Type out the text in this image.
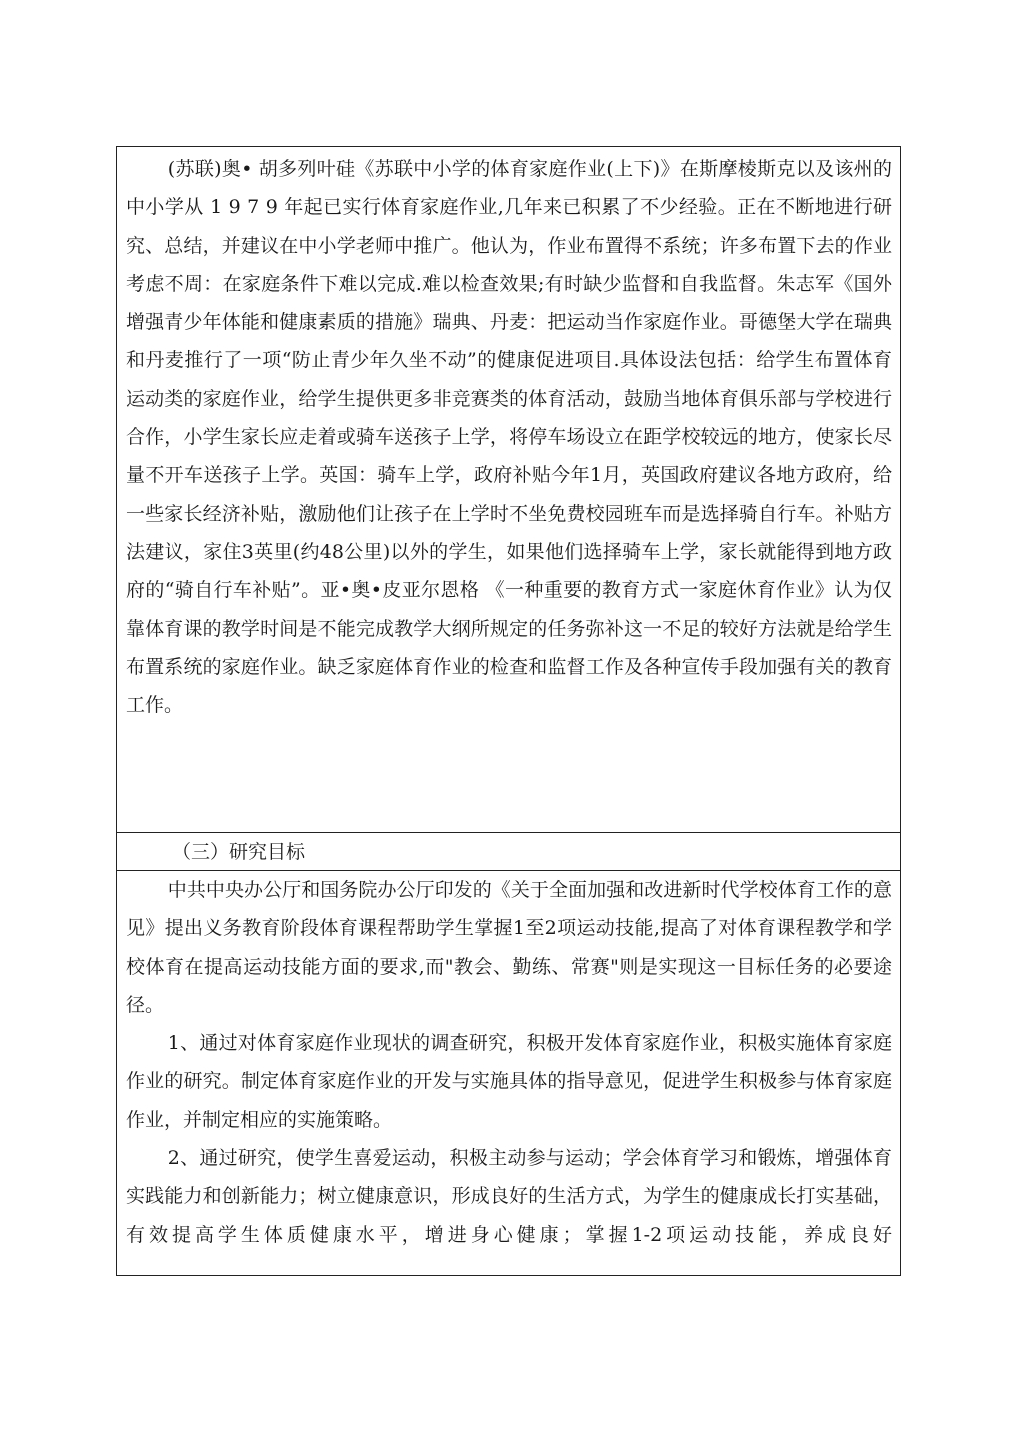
(苏联)奥• 胡多列叶硅《苏联中小学的体育家庭作业(上下)》在斯摩棱斯克以及该州的中小学从 1 9 7 9 年起已实行体育家庭作业,几年来已积累了不少经验。正在不断地进行研究、总结，并建议在中小学老师中推广。他认为，作业布置得不系统；许多布置下去的作业考虑不周：在家庭条件下难以完成.难以检查效果;有时缺少监督和自我监督。朱志军《国外增强青少年体能和健康素质的措施》瑞典、丹麦：把运动当作家庭作业。哥德堡大学在瑞典和丹麦推行了一项“防止青少年久坐不动”的健康促进项目.具体设法包括：给学生布置体育运动类的家庭作业，给学生提供更多非竞赛类的体育活动，鼓励当地体育俱乐部与学校进行合作，小学生家长应走着或骑车送孩子上学，将停车场设立在距学校较远的地方，使家长尽量不开车送孩子上学。英国：骑车上学，政府补贴今年1月，英国政府建议各地方政府，给一些家长经济补贴，激励他们让孩子在上学时不坐免费校园班车而是选择骑自行车。补贴方法建议，家住3英里(约48公里)以外的学生，如果他们选择骑车上学，家长就能得到地方政府的“骑自行车补贴”。亚•奥•皮亚尔恩格 《一种重要的教育方式一家庭休育作业》认为仅靠体育课的教学时间是不能完成教学大纲所规定的任务弥补这一不足的较好方法就是给学生布置系统的家庭作业。缺乏家庭体育作业的检查和监督工作及各种宣传手段加强有关的教育工作。

（三）研究目标

中共中央办公厅和国务院办公厅印发的《关于全面加强和改进新时代学校体育工作的意见》提出义务教育阶段体育课程帮助学生掌握1至2项运动技能,提高了对体育课程教学和学校体育在提高运动技能方面的要求,而"教会、勤练、常赛"则是实现这一目标任务的必要途径。

1、通过对体育家庭作业现状的调查研究，积极开发体育家庭作业，积极实施体育家庭作业的研究。制定体育家庭作业的开发与实施具体的指导意见，促进学生积极参与体育家庭作业，并制定相应的实施策略。

2、通过研究，使学生喜爱运动，积极主动参与运动；学会体育学习和锻炼，增强体育实践能力和创新能力；树立健康意识，形成良好的生活方式，为学生的健康成长打实基础，有效提高学生体质健康水平，增进身心健康；掌握1-2项运动技能，养成良好
